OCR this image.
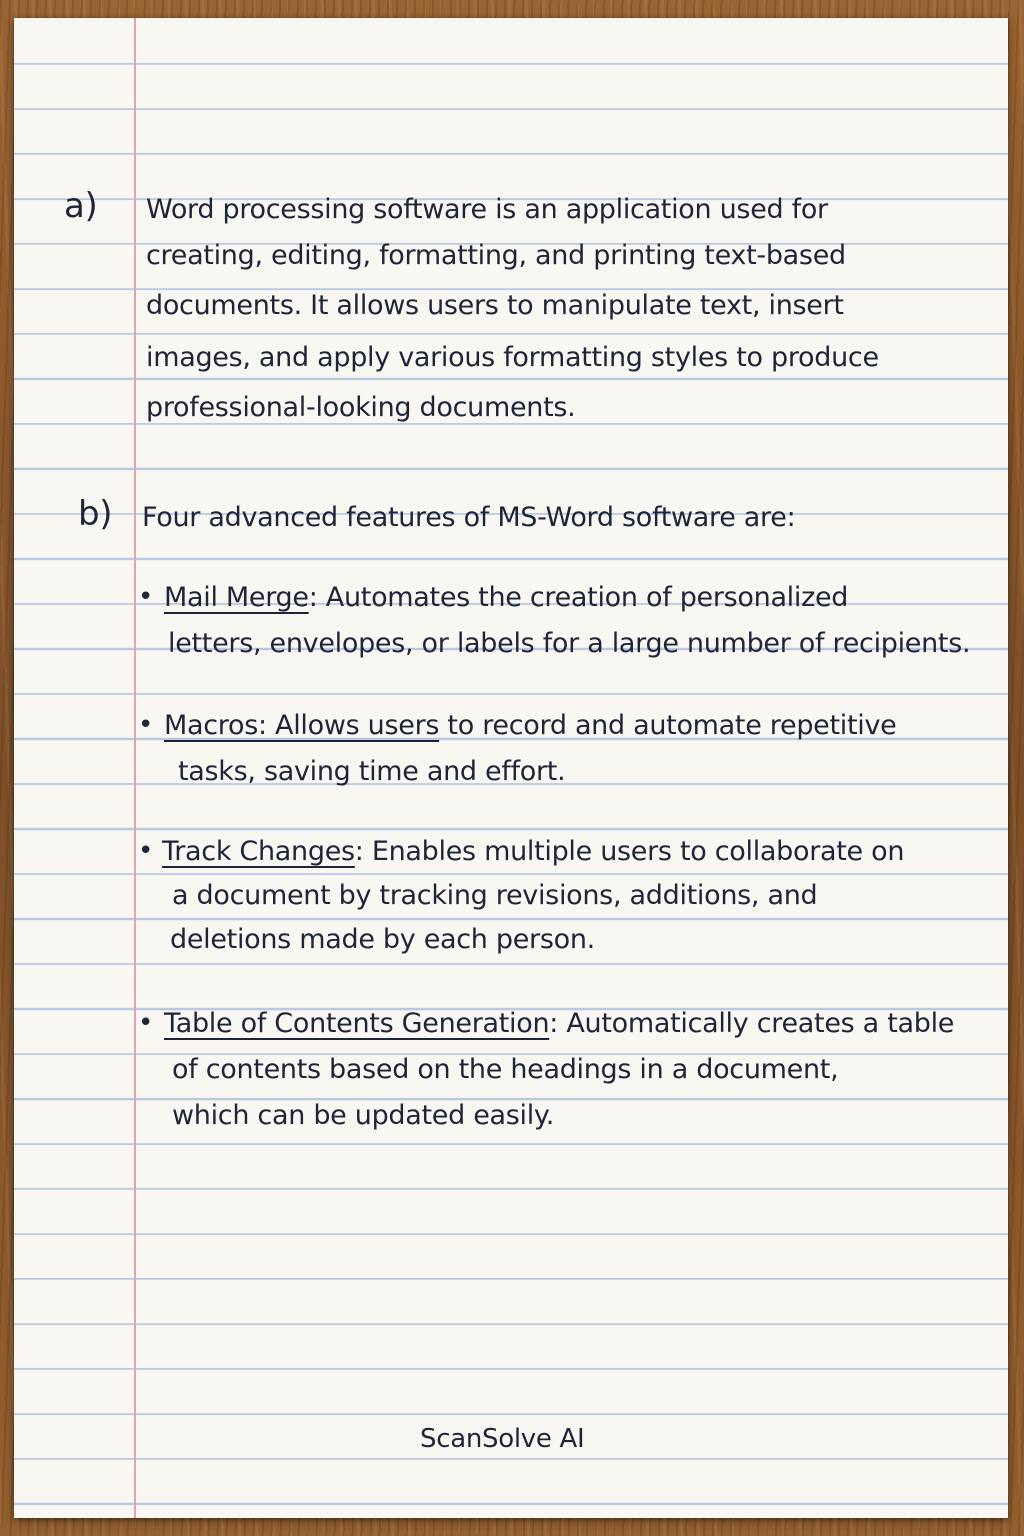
a) Word processing software is an application used for
creating, editing, formatting, and printing text-based
documents. It allows users to manipulate text, insert
images, and apply various formatting styles to produce
professional-looking documents.
b) Four advanced features of MS-Word software are:
• Mail Merge: Automates the creation of personalized
letters, envelopes, or labels for a large number of recipients.
• Macros: Allows users to record and automate repetitive
tasks, saving time and effort.
• Track Changes: Enables multiple users to collaborate on
a document by tracking revisions, additions, and
deletions made by each person.
• Table of Contents Generation: Automatically creates a table
of contents based on the headings in a document,
which can be updated easily.
ScanSolve AI
